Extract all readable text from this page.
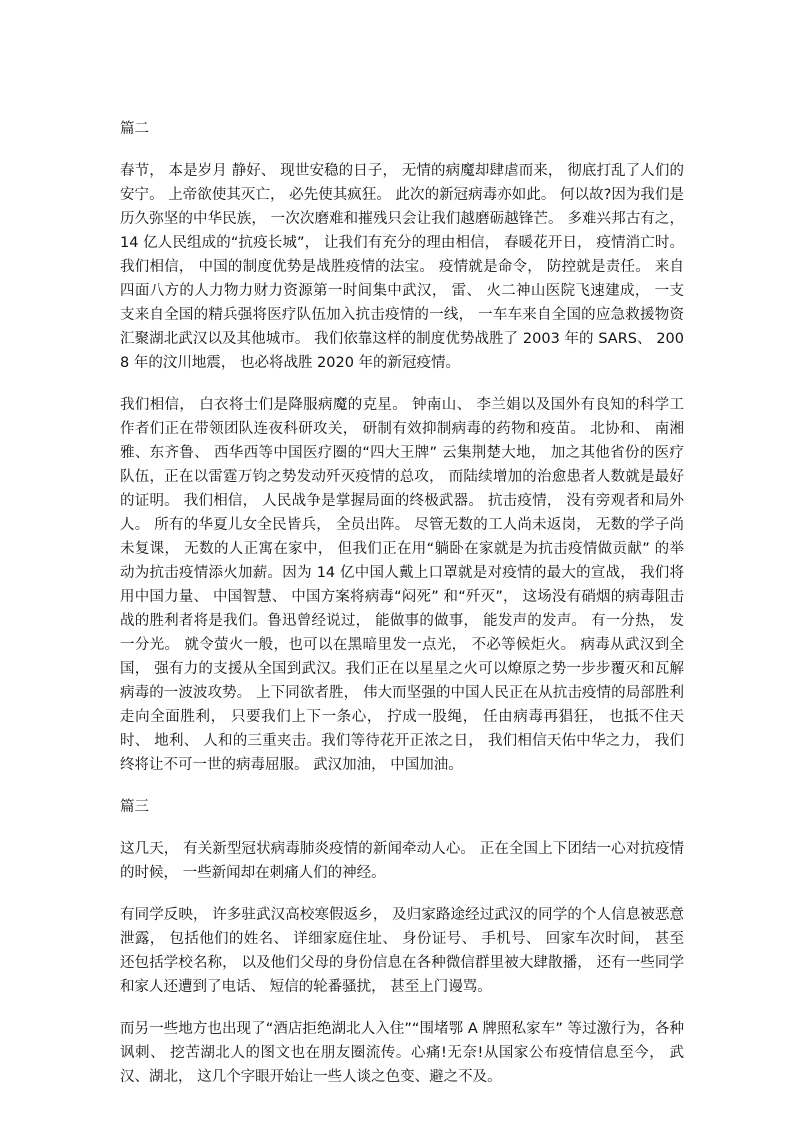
篇二

春节， 本是岁月 静好、 现世安稳的日子， 无情的病魔却肆虐而来， 彻底打乱了人们的安宁。 上帝欲使其灭亡， 必先使其疯狂。 此次的新冠病毒亦如此。 何以故?因为我们是历久弥坚的中华民族， 一次次磨难和摧残只会让我们越磨砺越锋芒。 多难兴邦古有之， 14 亿人民组成的“抗疫长城”， 让我们有充分的理由相信， 春暖花开日， 疫情消亡时。我们相信， 中国的制度优势是战胜疫情的法宝。 疫情就是命令， 防控就是责任。 来自四面八方的人力物力财力资源第一时间集中武汉， 雷、 火二神山医院飞速建成， 一支支来自全国的精兵强将医疗队伍加入抗击疫情的一线， 一车车来自全国的应急救援物资汇聚湖北武汉以及其他城市。 我们依靠这样的制度优势战胜了 2003 年的 SARS、 2008 年的汶川地震， 也必将战胜 2020 年的新冠疫情。

我们相信， 白衣将士们是降服病魔的克星。 钟南山、 李兰娟以及国外有良知的科学工作者们正在带领团队连夜科研攻关， 研制有效抑制病毒的药物和疫苗。 北协和、 南湘雅、东齐鲁、 西华西等中国医疗圈的“四大王牌” 云集荆楚大地， 加之其他省份的医疗队伍，正在以雷霆万钧之势发动歼灭疫情的总攻， 而陆续增加的治愈患者人数就是最好的证明。 我们相信， 人民战争是掌握局面的终极武器。 抗击疫情， 没有旁观者和局外人。 所有的华夏儿女全民皆兵， 全员出阵。 尽管无数的工人尚未返岗， 无数的学子尚未复课， 无数的人正寓在家中， 但我们正在用“躺卧在家就是为抗击疫情做贡献” 的举动为抗击疫情添火加薪。因为 14 亿中国人戴上口罩就是对疫情的最大的宣战， 我们将用中国力量、 中国智慧、 中国方案将病毒“闷死” 和“歼灭”， 这场没有硝烟的病毒阻击战的胜利者将是我们。鲁迅曾经说过， 能做事的做事， 能发声的发声。 有一分热， 发一分光。 就令萤火一般，也可以在黑暗里发一点光， 不必等候炬火。 病毒从武汉到全国， 强有力的支援从全国到武汉。我们正在以星星之火可以燎原之势一步步覆灭和瓦解病毒的一波波攻势。 上下同欲者胜， 伟大而坚强的中国人民正在从抗击疫情的局部胜利走向全面胜利， 只要我们上下一条心， 拧成一股绳， 任由病毒再猖狂， 也抵不住天时、 地利、 人和的三重夹击。我们等待花开正浓之日， 我们相信天佑中华之力， 我们终将让不可一世的病毒屈服。 武汉加油， 中国加油。

篇三

这几天， 有关新型冠状病毒肺炎疫情的新闻牵动人心。 正在全国上下团结一心对抗疫情的时候， 一些新闻却在刺痛人们的神经。

有同学反映， 许多驻武汉高校寒假返乡， 及归家路途经过武汉的同学的个人信息被恶意泄露， 包括他们的姓名、 详细家庭住址、 身份证号、 手机号、 回家车次时间， 甚至还包括学校名称， 以及他们父母的身份信息在各种微信群里被大肆散播， 还有一些同学和家人还遭到了电话、 短信的轮番骚扰， 甚至上门谩骂。

而另一些地方也出现了“酒店拒绝湖北人入住”“围堵鄂 A 牌照私家车” 等过激行为，各种讽刺、 挖苦湖北人的图文也在朋友圈流传。心痛!无奈!从国家公布疫情信息至今， 武汉、湖北， 这几个字眼开始让一些人谈之色变、避之不及。
